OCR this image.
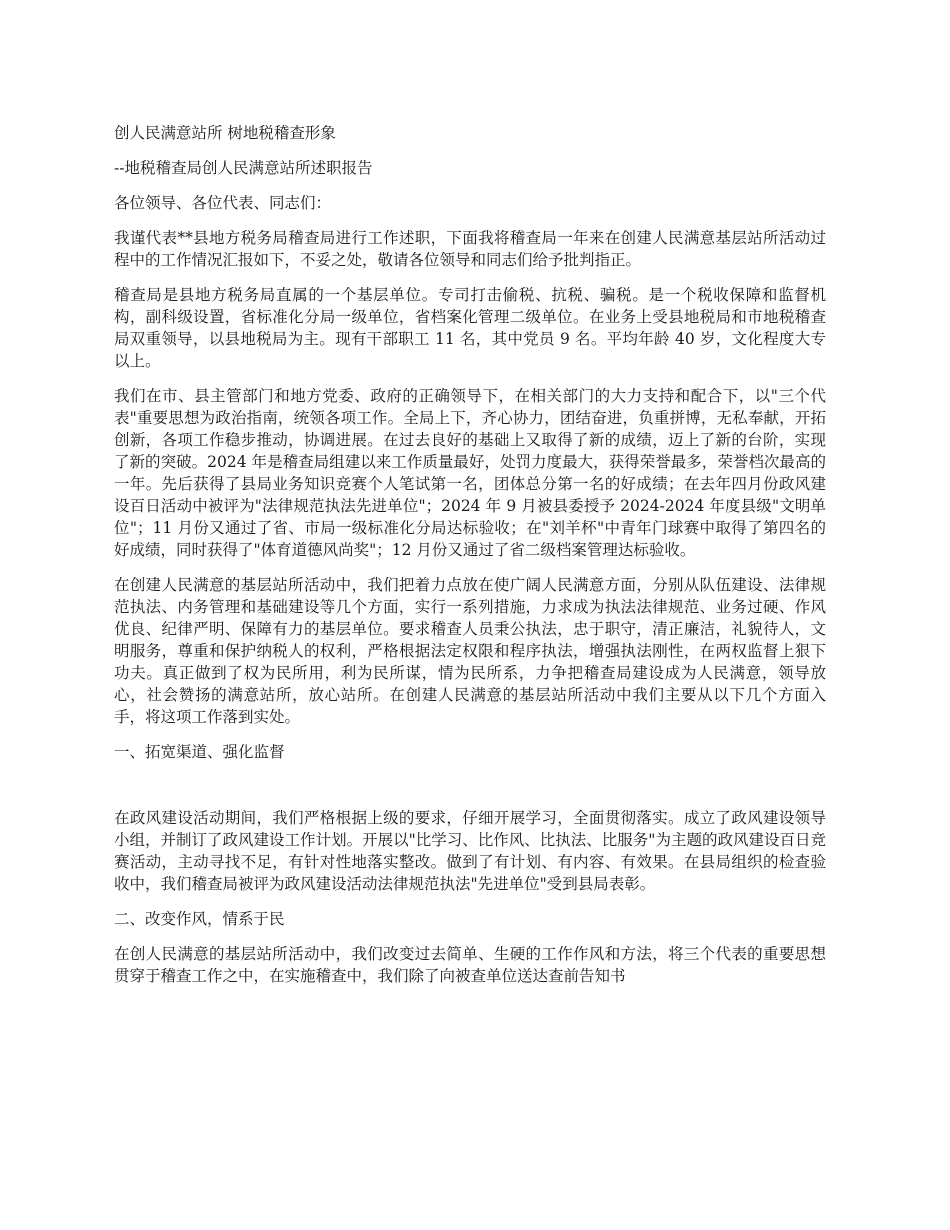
创人民满意站所 树地税稽查形象

--地税稽查局创人民满意站所述职报告

各位领导、各位代表、同志们：

我谨代表**县地方税务局稽查局进行工作述职，下面我将稽查局一年来在创建人民满意基层站所活动过程中的工作情况汇报如下，不妥之处，敬请各位领导和同志们给予批判指正。

稽查局是县地方税务局直属的一个基层单位。专司打击偷税、抗税、骗税。是一个税收保障和监督机构，副科级设置，省标准化分局一级单位，省档案化管理二级单位。在业务上受县地税局和市地税稽查局双重领导，以县地税局为主。现有干部职工 11 名，其中党员 9 名。平均年龄 40 岁，文化程度大专以上。

我们在市、县主管部门和地方党委、政府的正确领导下，在相关部门的大力支持和配合下，以"三个代表"重要思想为政治指南，统领各项工作。全局上下，齐心协力，团结奋进，负重拼博，无私奉献，开拓创新，各项工作稳步推动，协调进展。在过去良好的基础上又取得了新的成绩，迈上了新的台阶，实现了新的突破。2024 年是稽查局组建以来工作质量最好，处罚力度最大，获得荣誉最多，荣誉档次最高的一年。先后获得了县局业务知识竞赛个人笔试第一名，团体总分第一名的好成绩；在去年四月份政风建设百日活动中被评为"法律规范执法先进单位"；2024 年 9 月被县委授予 2024-2024 年度县级"文明单位"；11 月份又通过了省、市局一级标准化分局达标验收；在"刘羊杯"中青年门球赛中取得了第四名的好成绩，同时获得了"体育道德风尚奖"；12 月份又通过了省二级档案管理达标验收。

在创建人民满意的基层站所活动中，我们把着力点放在使广阔人民满意方面，分别从队伍建设、法律规范执法、内务管理和基础建设等几个方面，实行一系列措施，力求成为执法法律规范、业务过硬、作风优良、纪律严明、保障有力的基层单位。要求稽查人员秉公执法，忠于职守，清正廉洁，礼貌待人，文明服务，尊重和保护纳税人的权利，严格根据法定权限和程序执法，增强执法刚性，在两权监督上狠下功夫。真正做到了权为民所用，利为民所谋，情为民所系，力争把稽查局建设成为人民满意，领导放心，社会赞扬的满意站所，放心站所。在创建人民满意的基层站所活动中我们主要从以下几个方面入手，将这项工作落到实处。

一、拓宽渠道、强化监督

在政风建设活动期间，我们严格根据上级的要求，仔细开展学习，全面贯彻落实。成立了政风建设领导小组，并制订了政风建设工作计划。开展以"比学习、比作风、比执法、比服务"为主题的政风建设百日竞赛活动，主动寻找不足，有针对性地落实整改。做到了有计划、有内容、有效果。在县局组织的检查验收中，我们稽查局被评为政风建设活动法律规范执法"先进单位"受到县局表彰。

二、改变作风，情系于民

在创人民满意的基层站所活动中，我们改变过去简单、生硬的工作作风和方法，将三个代表的重要思想贯穿于稽查工作之中，在实施稽查中，我们除了向被查单位送达查前告知书
